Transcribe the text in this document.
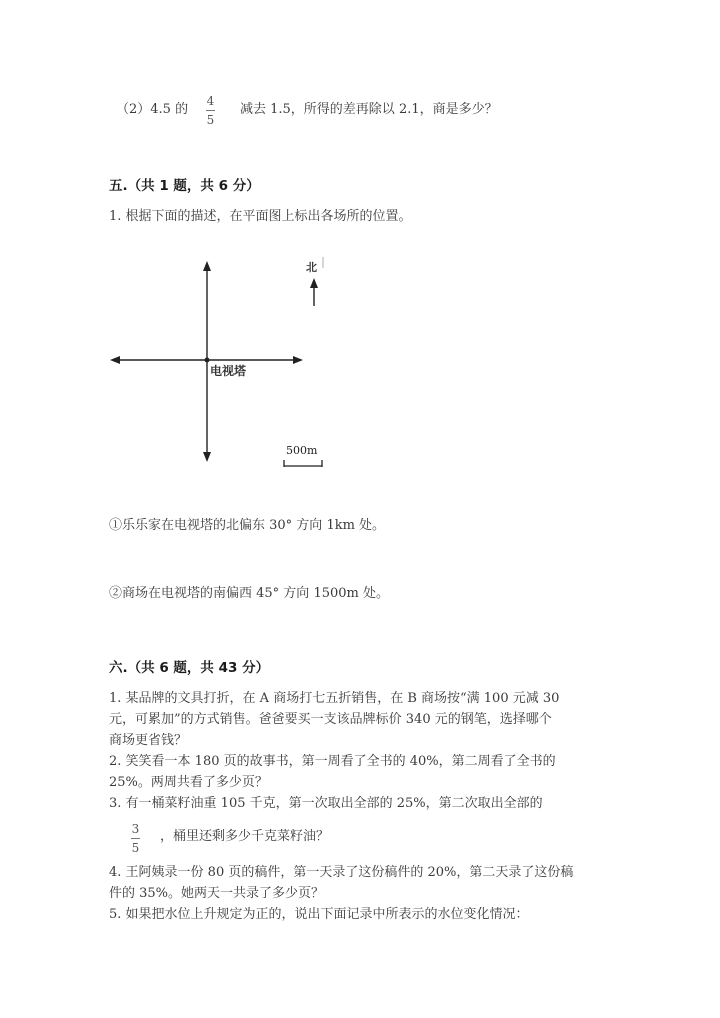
（2）4.5 的
4
5
减去 1.5，所得的差再除以 2.1，商是多少？
五.（共 1 题，共 6 分）
1. 根据下面的描述，在平面图上标出各场所的位置。
电视塔
北
500m
①乐乐家在电视塔的北偏东 30° 方向 1km 处。
②商场在电视塔的南偏西 45° 方向 1500m 处。
六.（共 6 题，共 43 分）
1. 某品牌的文具打折，在 A 商场打七五折销售，在 B 商场按“满 100 元减 30
元，可累加”的方式销售。爸爸要买一支该品牌标价 340 元的钢笔，选择哪个
商场更省钱？
2. 笑笑看一本 180 页的故事书，第一周看了全书的 40%，第二周看了全书的
25%。两周共看了多少页？
3. 有一桶菜籽油重 105 千克，第一次取出全部的 25%，第二次取出全部的
3
5
，桶里还剩多少千克菜籽油？
4. 王阿姨录一份 80 页的稿件，第一天录了这份稿件的 20%，第二天录了这份稿
件的 35%。她两天一共录了多少页？
5. 如果把水位上升规定为正的，说出下面记录中所表示的水位变化情况：
